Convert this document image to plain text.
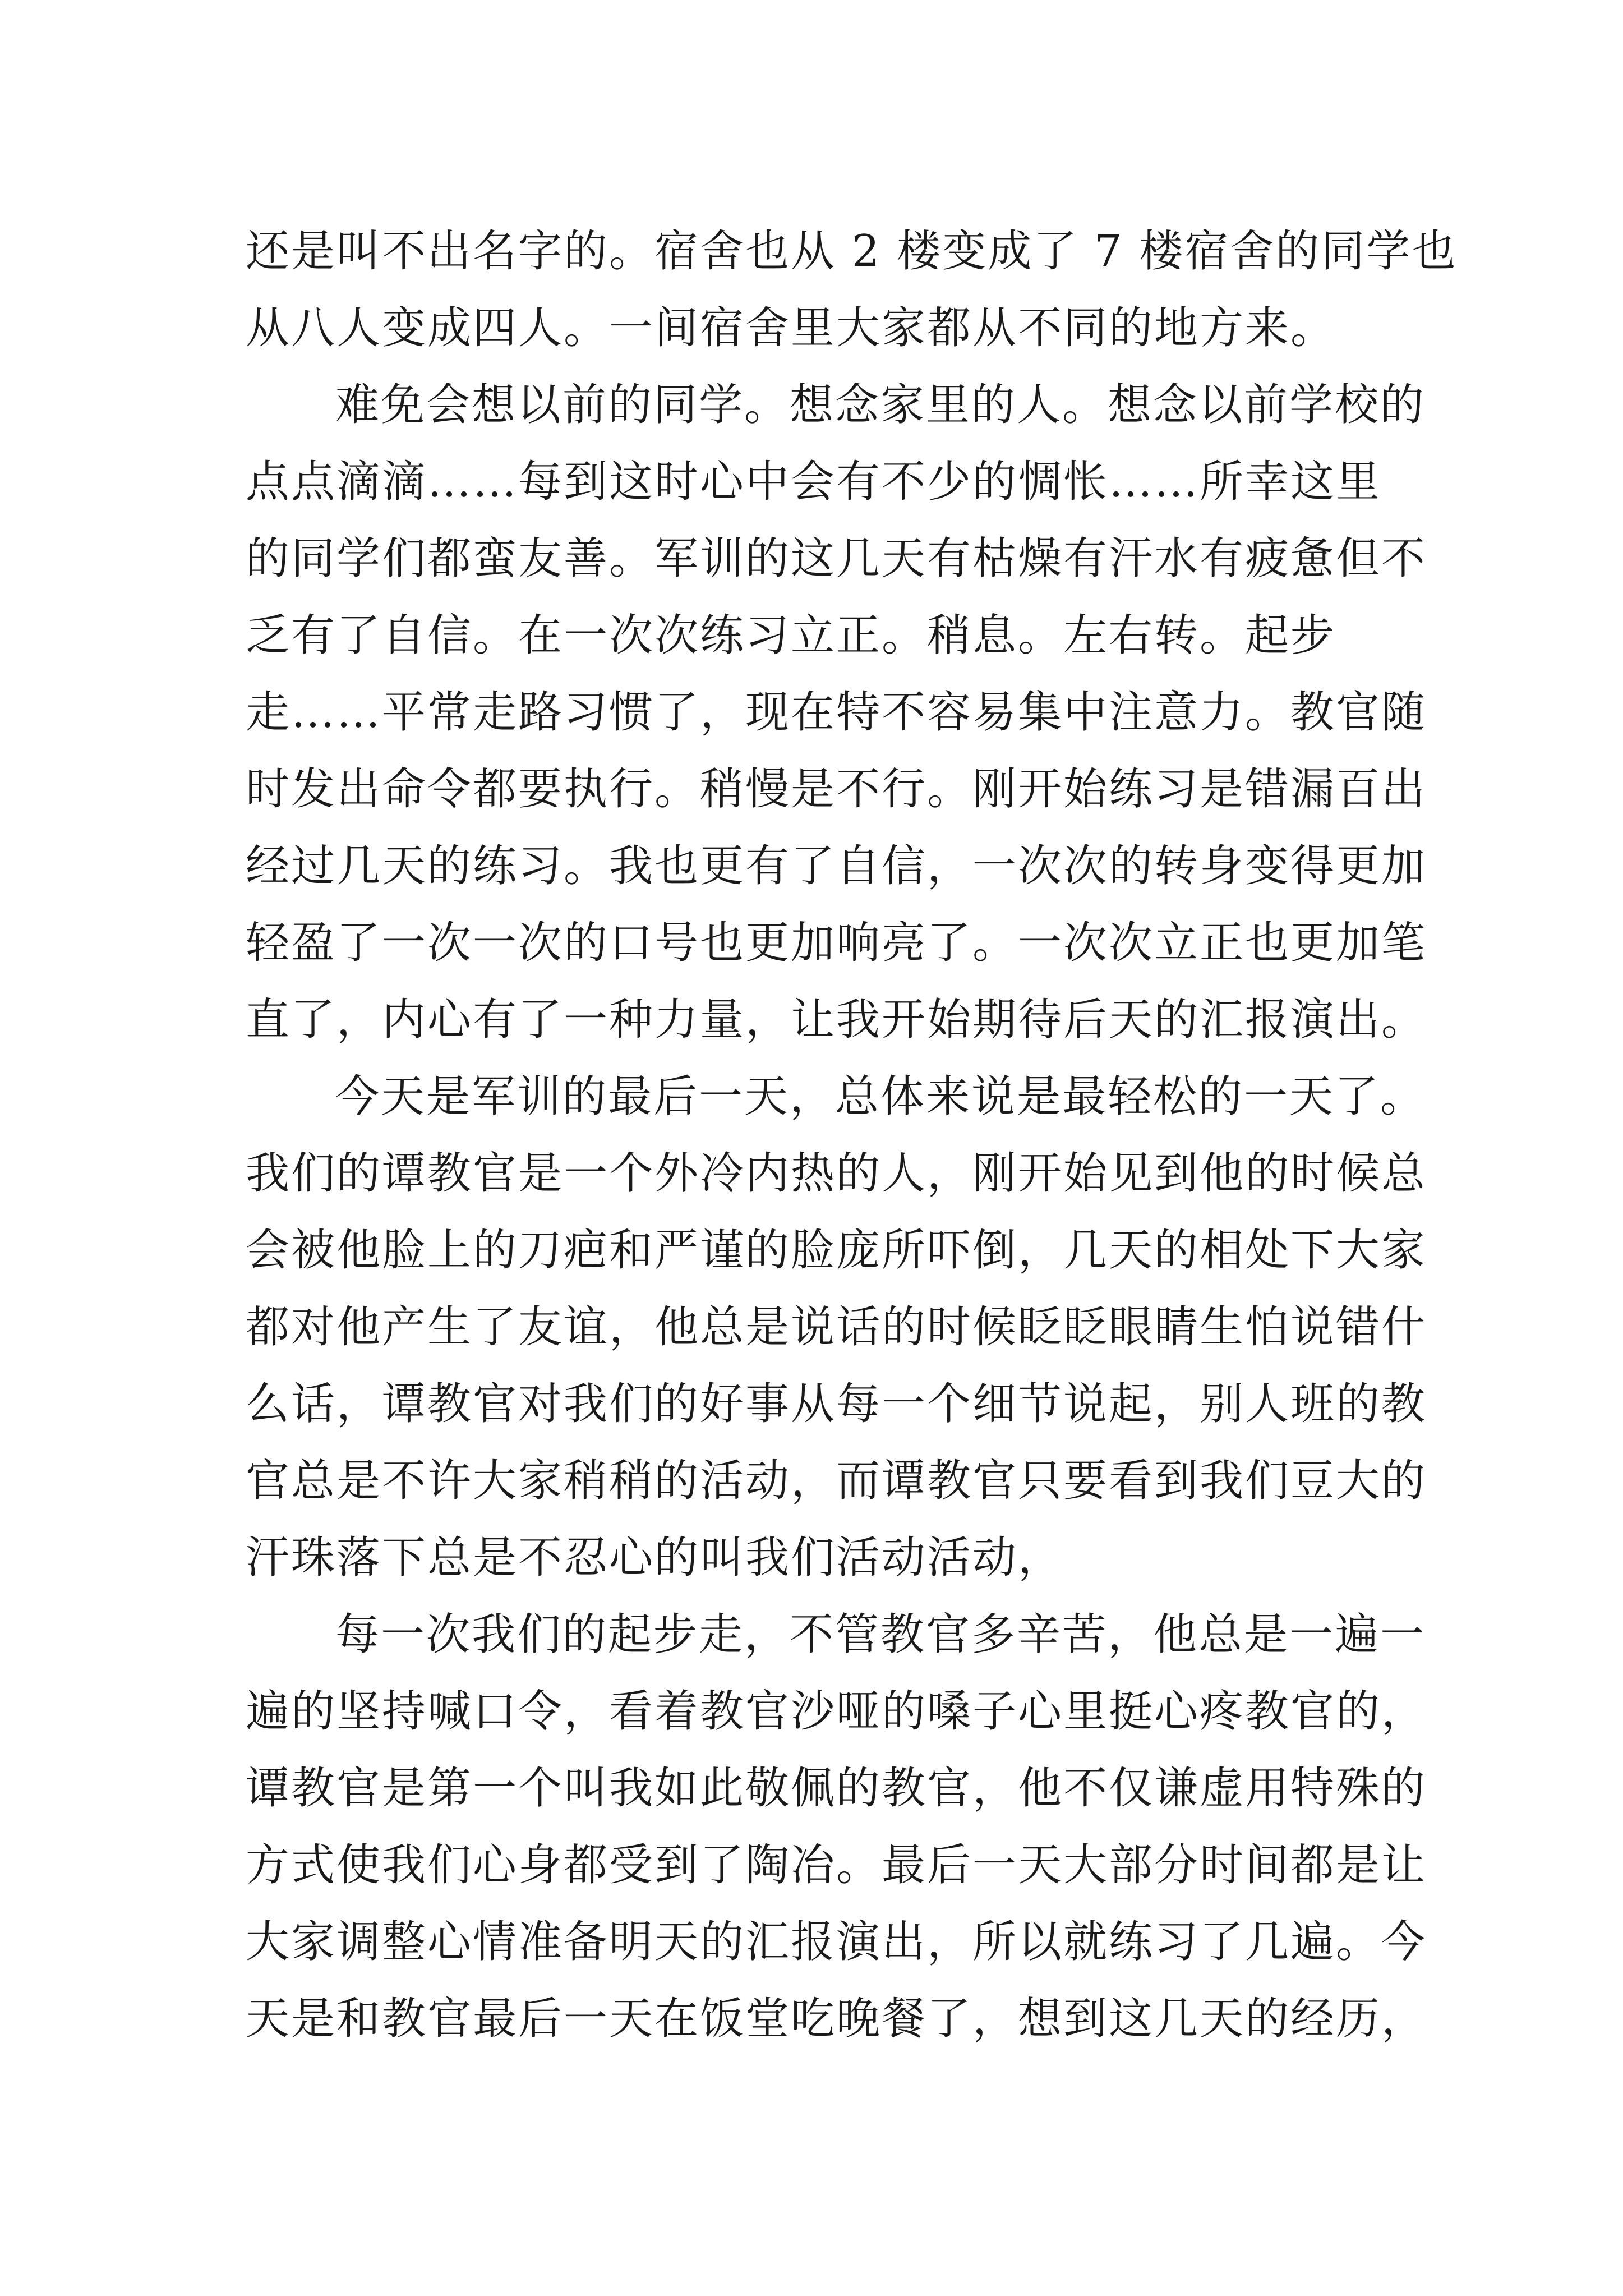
还是叫不出名字的。宿舍也从 2 楼变成了 7 楼宿舍的同学也
从八人变成四人。一间宿舍里大家都从不同的地方来。
难免会想以前的同学。想念家里的人。想念以前学校的
点点滴滴……每到这时心中会有不少的惆怅……所幸这里
的同学们都蛮友善。军训的这几天有枯燥有汗水有疲惫但不
乏有了自信。在一次次练习立正。稍息。左右转。起步
走……平常走路习惯了，现在特不容易集中注意力。教官随
时发出命令都要执行。稍慢是不行。刚开始练习是错漏百出
经过几天的练习。我也更有了自信，一次次的转身变得更加
轻盈了一次一次的口号也更加响亮了。一次次立正也更加笔
直了，内心有了一种力量，让我开始期待后天的汇报演出。
今天是军训的最后一天，总体来说是最轻松的一天了。
我们的谭教官是一个外冷内热的人，刚开始见到他的时候总
会被他脸上的刀疤和严谨的脸庞所吓倒，几天的相处下大家
都对他产生了友谊，他总是说话的时候眨眨眼睛生怕说错什
么话，谭教官对我们的好事从每一个细节说起，别人班的教
官总是不许大家稍稍的活动，而谭教官只要看到我们豆大的
汗珠落下总是不忍心的叫我们活动活动，
每一次我们的起步走，不管教官多辛苦，他总是一遍一
遍的坚持喊口令，看着教官沙哑的嗓子心里挺心疼教官的，
谭教官是第一个叫我如此敬佩的教官，他不仅谦虚用特殊的
方式使我们心身都受到了陶冶。最后一天大部分时间都是让
大家调整心情准备明天的汇报演出，所以就练习了几遍。今
天是和教官最后一天在饭堂吃晚餐了，想到这几天的经历，
